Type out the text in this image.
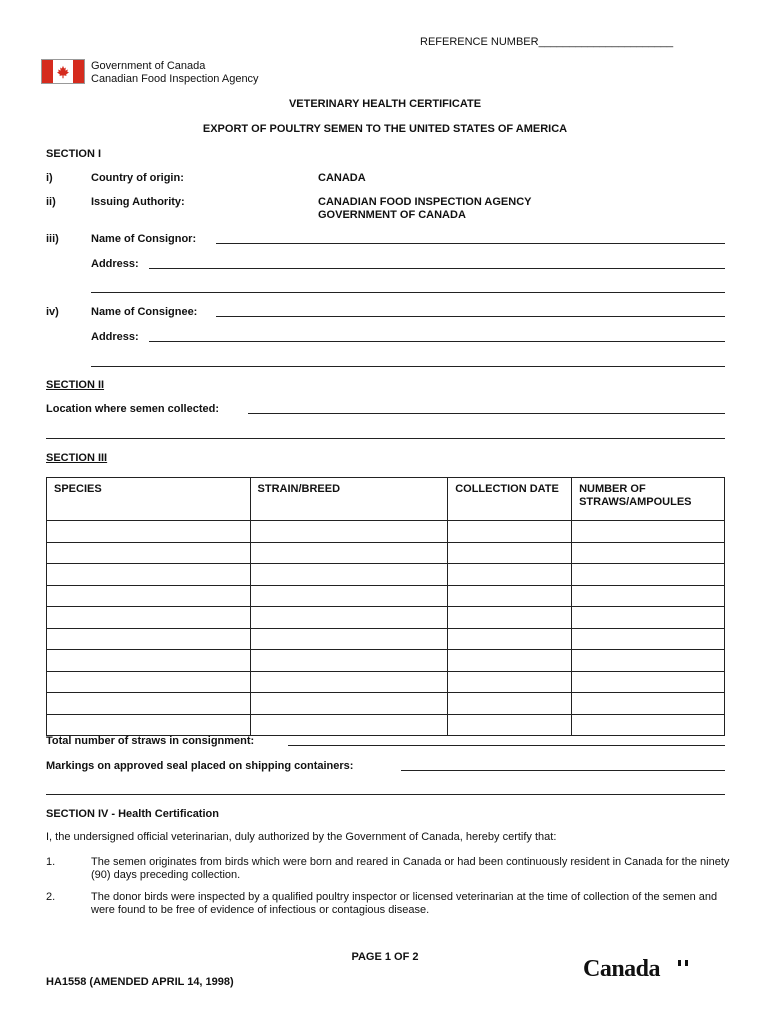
REFERENCE NUMBER______________________
Government of Canada
Canadian Food Inspection Agency
VETERINARY HEALTH CERTIFICATE
EXPORT OF POULTRY SEMEN TO THE UNITED STATES OF AMERICA
SECTION I
i)	Country of origin:	CANADA
ii)	Issuing Authority:	CANADIAN FOOD INSPECTION AGENCY
GOVERNMENT OF CANADA
iii)	Name of Consignor:
Address:
iv)	Name of Consignee:
Address:
SECTION II
Location where semen collected:
SECTION III
SPECIES	STRAIN/BREED	COLLECTION DATE	NUMBER OF STRAWS/AMPOULES

Total number of straws in consignment:
Markings on approved seal placed on shipping containers:
SECTION IV - Health Certification
I, the undersigned official veterinarian, duly authorized by the Government of Canada, hereby certify that:
1.	The semen originates from birds which were born and reared in Canada or had been continuously resident in Canada for the ninety (90) days preceding collection.
2.	The donor birds were inspected by a qualified poultry inspector or licensed veterinarian at the time of collection of the semen and were found to be free of evidence of infectious or contagious disease.
PAGE 1 OF 2
HA1558 (AMENDED APRIL 14, 1998)	Canada
